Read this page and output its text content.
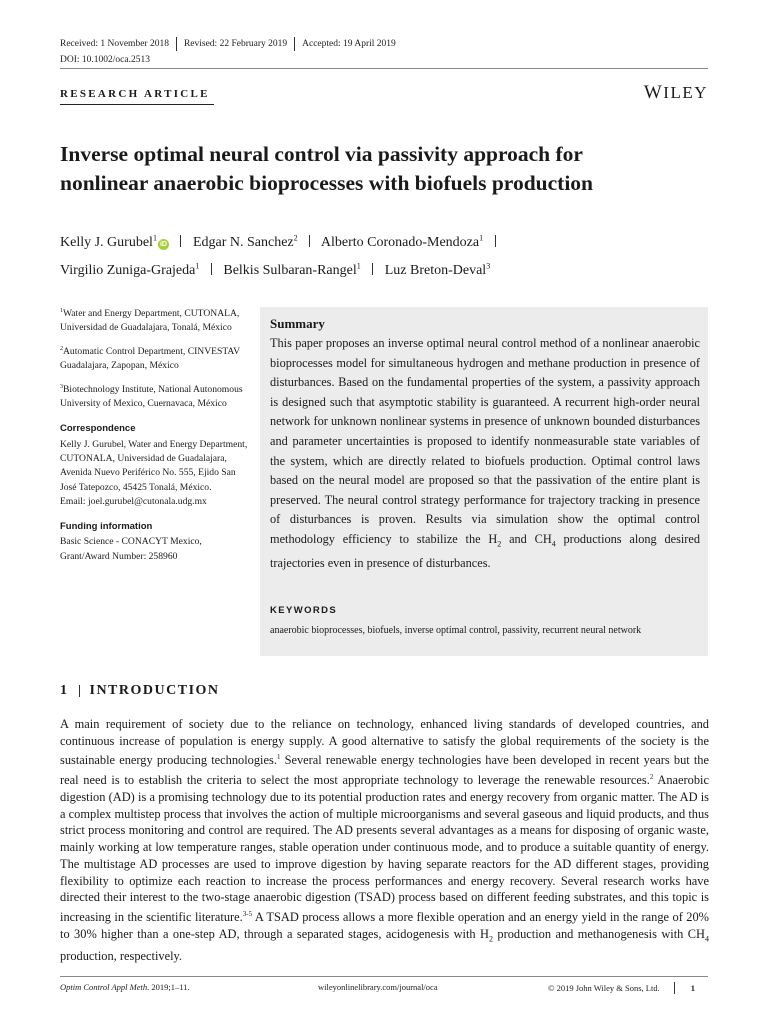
Received: 1 November 2018 Revised: 22 February 2019 Accepted: 19 April 2019
DOI: 10.1002/oca.2513
RESEARCH ARTICLE	WILEY
Inverse optimal neural control via passivity approach for
nonlinear anaerobic bioprocesses with biofuels production
Kelly J. Gurubel$^1$iD Edgar N. Sanchez$^2$ Alberto Coronado-Mendoza$^1$
Virgilio Zuniga-Grajeda$^1$ Belkis Sulbaran-Rangel$^1$ Luz Breton-Deval$^3$

$^1$Water and Energy Department, CUTONALA, Universidad de Guadalajara, Tonalá, México

$^2$Automatic Control Department, CINVESTAV Guadalajara, Zapopan, México

$^3$Biotechnology Institute, National Autonomous University of Mexico, Cuernavaca, México

Correspondence
Kelly J. Gurubel, Water and Energy Department, CUTONALA, Universidad de Guadalajara, Avenida Nuevo Periférico No. 555, Ejido San José Tatepozco, 45425 Tonalá, México.
Email: joel.gurubel@cutonala.udg.mx
Funding information
Basic Science - CONACYT Mexico, Grant/Award Number: 258960
Summary
This paper proposes an inverse optimal neural control method of a nonlinear anaerobic bioprocesses model for simultaneous hydrogen and methane production in presence of disturbances. Based on the fundamental properties of the system, a passivity approach is designed such that asymptotic stability is guaranteed. A recurrent high-order neural network for unknown nonlinear systems in presence of unknown bounded disturbances and parameter uncertainties is proposed to identify nonmeasurable state variables of the system, which are directly related to biofuels production. Optimal control laws based on the neural model are proposed so that the passivation of the entire plant is preserved. The neural control strategy performance for trajectory tracking in presence of disturbances is proven. Results via simulation show the optimal control methodology efficiency to stabilize the $H_2$ and $CH_4$ productions along desired trajectories even in presence of disturbances.
KEYWORDS
anaerobic bioprocesses, biofuels, inverse optimal control, passivity, recurrent neural network
1 INTRODUCTION
A main requirement of society due to the reliance on technology, enhanced living standards of developed countries, and continuous increase of population is energy supply. A good alternative to satisfy the global requirements of the society is the sustainable energy producing technologies.$^1$ Several renewable energy technologies have been developed in recent years but the real need is to establish the criteria to select the most appropriate technology to leverage the renewable resources.$^2$ Anaerobic digestion (AD) is a promising technology due to its potential production rates and energy recovery from organic matter. The AD is a complex multistep process that involves the action of multiple microorganisms and several gaseous and liquid products, and thus strict process monitoring and control are required. The AD presents several advantages as a means for disposing of organic waste, mainly working at low temperature ranges, stable operation under continuous mode, and to produce a suitable quantity of energy. The multistage AD processes are used to improve digestion by having separate reactors for the AD different stages, providing flexibility to optimize each reaction to increase the process performances and energy recovery. Several research works have directed their interest to the two-stage anaerobic digestion (TSAD) process based on different feeding substrates, and this topic is increasing in the scientific literature.$^{3-5}$ A TSAD process allows a more flexible operation and an energy yield in the range of 20% to 30% higher than a one-step AD, through a separated stages, acidogenesis with $H_2$ production and methanogenesis with $CH_4$ production, respectively.
Optim Control Appl Meth. 2019;1–11.	wileyonlinelibrary.com/journal/oca	© 2019 John Wiley & Sons, Ltd.	1
